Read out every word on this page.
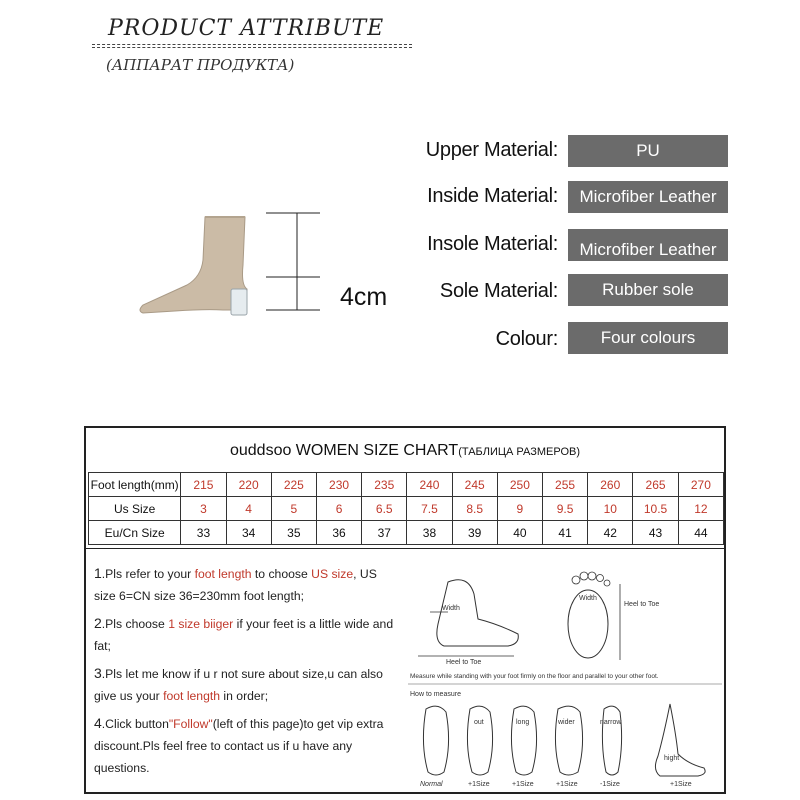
PRODUCT ATTRIBUTE
(АППАРАТ ПРОДУКТА)
Upper Material:	PU
Inside Material:	Microfiber Leather
Insole Material:	Microfiber Leather
Sole Material:	Rubber sole
Colour:	Four colours
4cm
ouddsoo WOMEN SIZE CHART(ТАБЛИЦА РАЗМЕРОВ)
Foot length(mm)	215	220	225	230	235	240	245	250	255	260	265	270
Us Size	3	4	5	6	6.5	7.5	8.5	9	9.5	10	10.5	12
Eu/Cn Size	33	34	35	36	37	38	39	40	41	42	43	44

1.Pls refer to your foot length to choose US size, US size 6=CN size 36=230mm foot length;

2.Pls choose 1 size biiger if your feet is a little wide and fat;

3.Pls let me know if u r not sure about size,u can also give us your foot length in order;

4.Click button"Follow"(left of this page)to get vip extra discount.Pls feel free to contact us if u have any questions.

Width
Heel to Toe
Width
Heel to Toe
Measure while standing with your foot firmly on the floor and parallel to your other foot.
How to measure
Normal
out	long	wider	narrow
hight
+1Size	+1Size	+1Size	-1Size	+1Size
